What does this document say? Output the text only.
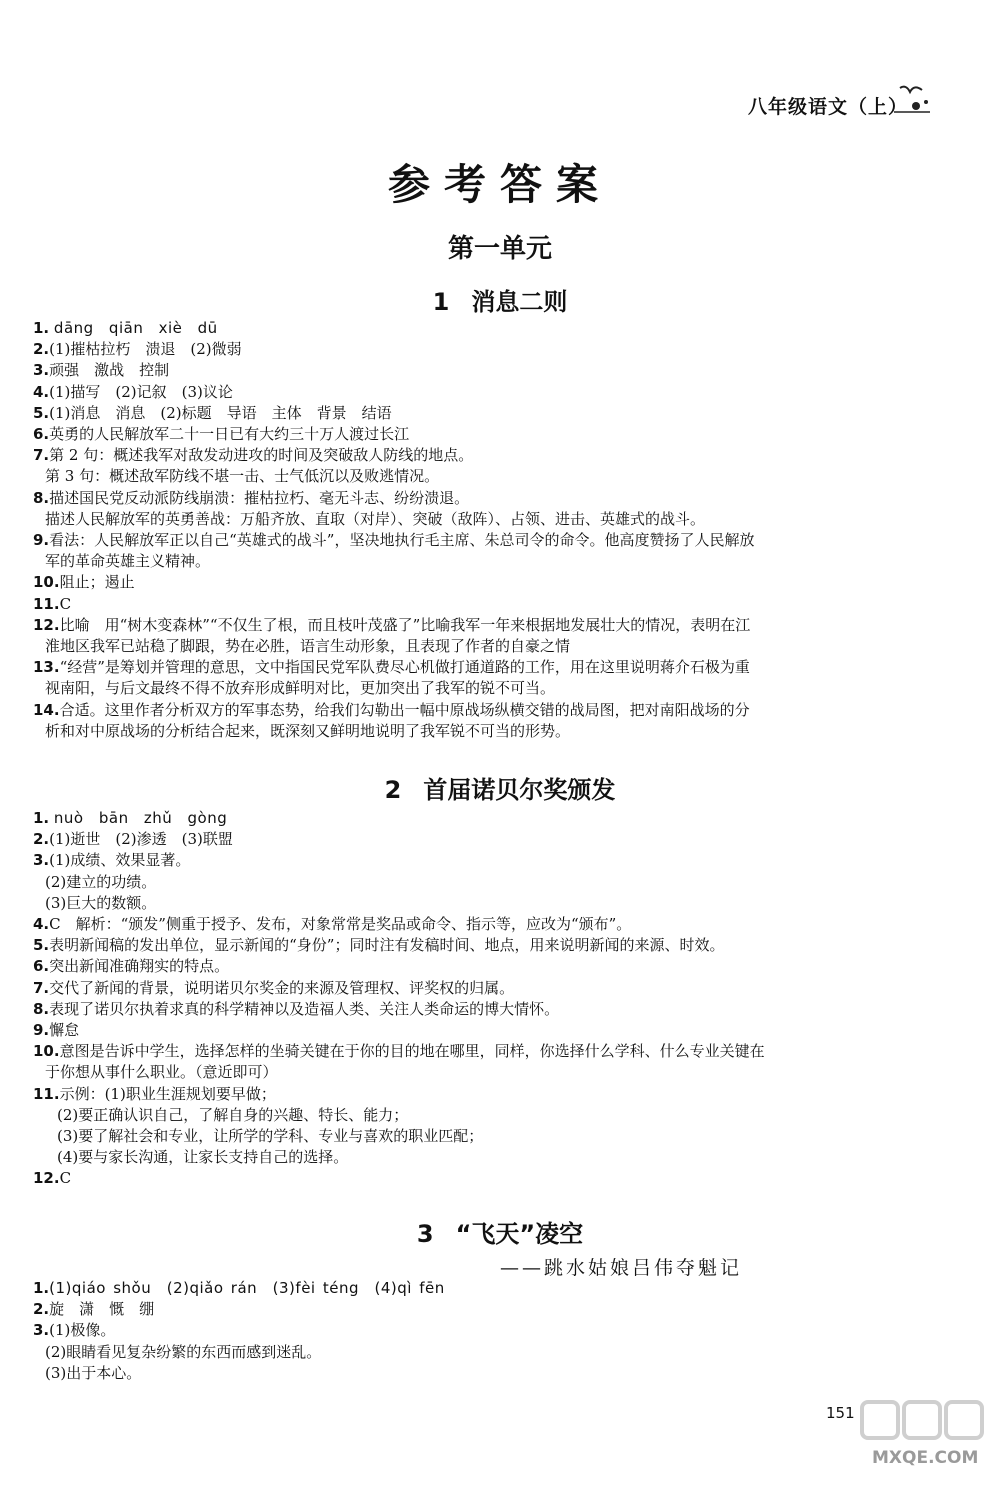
八年级语文（上）
参考答案
第一单元
1 消息二则
1. dāng qiān xiè dū
2.(1)摧枯拉朽　溃退　(2)微弱
3.顽强　激战　控制
4.(1)描写　(2)记叙　(3)议论
5.(1)消息　消息　(2)标题　导语　主体　背景　结语
6.英勇的人民解放军二十一日已有大约三十万人渡过长江
7.第 2 句：概述我军对敌发动进攻的时间及突破敌人防线的地点。
第 3 句：概述敌军防线不堪一击、士气低沉以及败逃情况。
8.描述国民党反动派防线崩溃：摧枯拉朽、毫无斗志、纷纷溃退。
描述人民解放军的英勇善战：万船齐放、直取（对岸）、突破（敌阵）、占领、进击、英雄式的战斗。
9.看法：人民解放军正以自己“英雄式的战斗”，坚决地执行毛主席、朱总司令的命令。他高度赞扬了人民解放
军的革命英雄主义精神。
10.阻止；遏止
11.C
12.比喻　用“树木变森林”“不仅生了根，而且枝叶茂盛了”比喻我军一年来根据地发展壮大的情况，表明在江
淮地区我军已站稳了脚跟，势在必胜，语言生动形象，且表现了作者的自豪之情
13.“经营”是筹划并管理的意思，文中指国民党军队费尽心机做打通道路的工作，用在这里说明蒋介石极为重
视南阳，与后文最终不得不放弃形成鲜明对比，更加突出了我军的锐不可当。
14.合适。这里作者分析双方的军事态势，给我们勾勒出一幅中原战场纵横交错的战局图，把对南阳战场的分
析和对中原战场的分析结合起来，既深刻又鲜明地说明了我军锐不可当的形势。
2 首届诺贝尔奖颁发
1. nuò bān zhǔ gòng
2.(1)逝世　(2)渗透　(3)联盟
3.(1)成绩、效果显著。
(2)建立的功绩。
(3)巨大的数额。
4.C　解析：“颁发”侧重于授予、发布，对象常常是奖品或命令、指示等，应改为“颁布”。
5.表明新闻稿的发出单位，显示新闻的“身份”；同时注有发稿时间、地点，用来说明新闻的来源、时效。
6.突出新闻准确翔实的特点。
7.交代了新闻的背景，说明诺贝尔奖金的来源及管理权、评奖权的归属。
8.表现了诺贝尔执着求真的科学精神以及造福人类、关注人类命运的博大情怀。
9.懈怠
10.意图是告诉中学生，选择怎样的坐骑关键在于你的目的地在哪里，同样，你选择什么学科、什么专业关键在
于你想从事什么职业。（意近即可）
11.示例：(1)职业生涯规划要早做；
(2)要正确认识自己，了解自身的兴趣、特长、能力；
(3)要了解社会和专业，让所学的学科、专业与喜欢的职业匹配；
(4)要与家长沟通，让家长支持自己的选择。
12.C
3 “飞天”凌空
——跳水姑娘吕伟夺魁记
1.(1)qiáo shǒu　(2)qiǎo rán　(3)fèi téng　(4)qì fēn
2.旋　潇　慨　绷
3.(1)极像。
(2)眼睛看见复杂纷繁的东西而感到迷乱。
(3)出于本心。
151
MXQE.COM
